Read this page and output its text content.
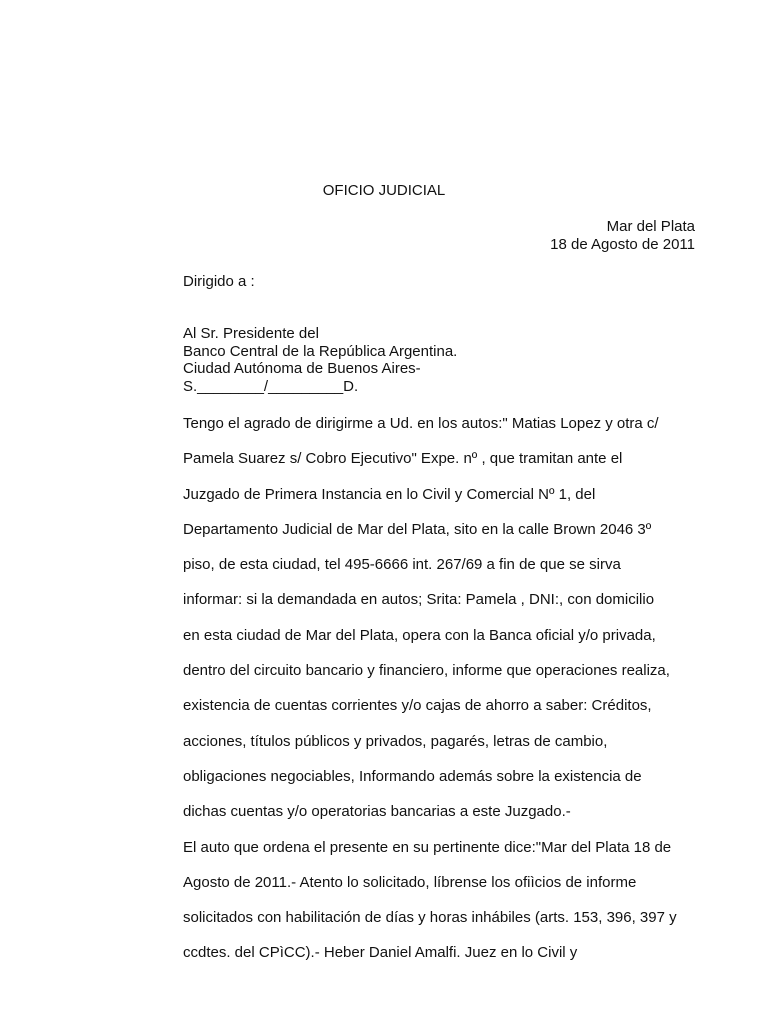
OFICIO JUDICIAL
Mar del Plata
18 de Agosto de 2011
Dirigido a :
Al Sr. Presidente del
Banco Central de la República Argentina.
Ciudad Autónoma de Buenos Aires-
S.________/_________D.
Tengo el agrado de dirigirme a Ud. en los autos:" Matias Lopez y otra c/
Pamela Suarez s/ Cobro Ejecutivo" Expe. nº , que tramitan ante el
Juzgado de Primera Instancia en lo Civil y Comercial Nº 1, del
Departamento Judicial de Mar del Plata, sito en la calle Brown 2046 3º
piso, de esta ciudad, tel 495-6666 int. 267/69 a fin de que se sirva
informar: si la demandada en autos; Srita: Pamela , DNI:, con domicilio
en esta ciudad de Mar del Plata, opera con la Banca oficial y/o privada,
dentro del circuito bancario y financiero, informe que operaciones realiza,
existencia de cuentas corrientes y/o cajas de ahorro a saber: Créditos,
acciones, títulos públicos y privados, pagarés, letras de cambio,
obligaciones negociables, Informando además sobre la existencia de
dichas cuentas y/o operatorias bancarias a este Juzgado.-
El auto que ordena el presente en su pertinente dice:"Mar del Plata 18 de
Agosto de 2011.- Atento lo solicitado, líbrense los ofiìcios de informe
solicitados con habilitación de días y horas inhábiles (arts. 153, 396, 397 y
ccdtes. del CPìCC).- Heber Daniel Amalfi. Juez en lo Civil y
